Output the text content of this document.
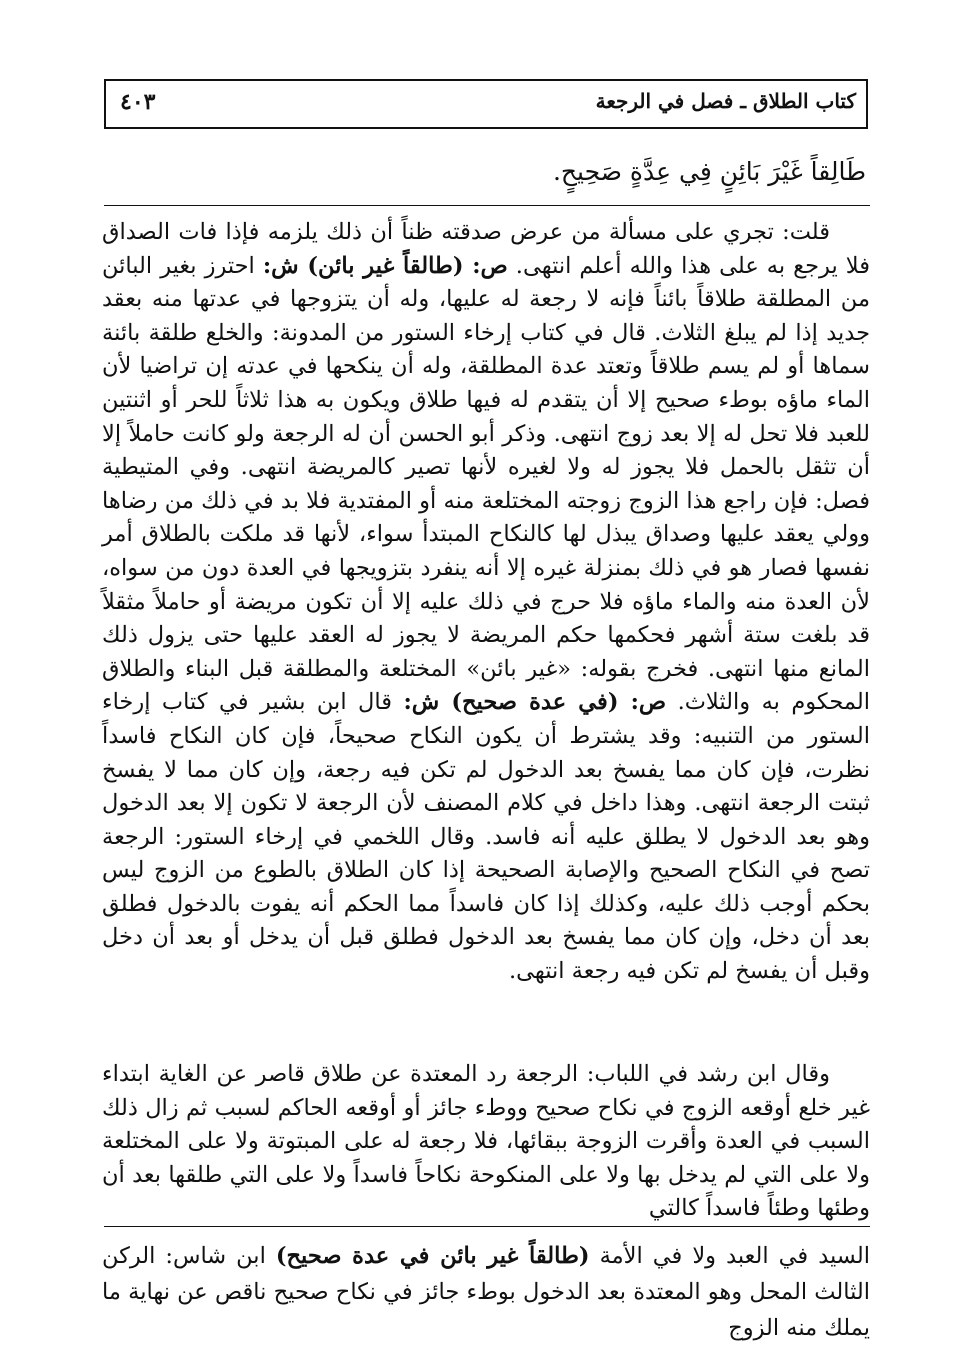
كتاب الطلاق ـ فصل في الرجعة
٤٠٣
طَالِقاً غَيْرَ بَائِنٍ فِي عِدَّةٍ صَحِيحٍ.
قلت: تجري على مسألة من عرض صدقته ظناً أن ذلك يلزمه فإذا فات الصداق فلا يرجع به على هذا والله أعلم انتهى. ص: (طالقاً غير بائن) ش: احترز بغير البائن من المطلقة طلاقاً بائناً فإنه لا رجعة له عليها، وله أن يتزوجها في عدتها منه بعقد جديد إذا لم يبلغ الثلاث. قال في كتاب إرخاء الستور من المدونة: والخلع طلقة بائنة سماها أو لم يسم طلاقاً وتعتد عدة المطلقة، وله أن ينكحها في عدته إن تراضيا لأن الماء ماؤه بوطء صحيح إلا أن يتقدم له فيها طلاق ويكون به هذا ثلاثاً للحر أو اثنتين للعبد فلا تحل له إلا بعد زوج انتهى. وذكر أبو الحسن أن له الرجعة ولو كانت حاملاً إلا أن تثقل بالحمل فلا يجوز له ولا لغيره لأنها تصير كالمريضة انتهى. وفي المتيطية فصل: فإن راجع هذا الزوج زوجته المختلعة منه أو المفتدية فلا بد في ذلك من رضاها وولي يعقد عليها وصداق يبذل لها كالنكاح المبتدأ سواء، لأنها قد ملكت بالطلاق أمر نفسها فصار هو في ذلك بمنزلة غيره إلا أنه ينفرد بتزويجها في العدة دون من سواه، لأن العدة منه والماء ماؤه فلا حرج في ذلك عليه إلا أن تكون مريضة أو حاملاً مثقلاً قد بلغت ستة أشهر فحكمها حكم المريضة لا يجوز له العقد عليها حتى يزول ذلك المانع منها انتهى. فخرج بقوله: «غير بائن» المختلعة والمطلقة قبل البناء والطلاق المحكوم به والثلاث. ص: (في عدة صحيح) ش: قال ابن بشير في كتاب إرخاء الستور من التنبيه: وقد يشترط أن يكون النكاح صحيحاً، فإن كان النكاح فاسداً نظرت، فإن كان مما يفسخ بعد الدخول لم تكن فيه رجعة، وإن كان مما لا يفسخ ثبتت الرجعة انتهى. وهذا داخل في كلام المصنف لأن الرجعة لا تكون إلا بعد الدخول وهو بعد الدخول لا يطلق عليه أنه فاسد. وقال اللخمي في إرخاء الستور: الرجعة تصح في النكاح الصحيح والإصابة الصحيحة إذا كان الطلاق بالطوع من الزوج ليس بحكم أوجب ذلك عليه، وكذلك إذا كان فاسداً مما الحكم أنه يفوت بالدخول فطلق بعد أن دخل، وإن كان مما يفسخ بعد الدخول فطلق قبل أن يدخل أو بعد أن دخل وقبل أن يفسخ لم تكن فيه رجعة انتهى.
وقال ابن رشد في اللباب: الرجعة رد المعتدة عن طلاق قاصر عن الغاية ابتداء غير خلع أوقعه الزوج في نكاح صحيح ووطء جائز أو أوقعه الحاكم لسبب ثم زال ذلك السبب في العدة وأقرت الزوجة ببقائها، فلا رجعة له على المبتوتة ولا على المختلعة ولا على التي لم يدخل بها ولا على المنكوحة نكاحاً فاسداً ولا على التي طلقها بعد أن وطئها وطئاً فاسداً كالتي
السيد في العبد ولا في الأمة (طالقاً غير بائن في عدة صحيح) ابن شاس: الركن الثالث المحل وهو المعتدة بعد الدخول بوطء جائز في نكاح صحيح ناقص عن نهاية ما يملك منه الزوج
